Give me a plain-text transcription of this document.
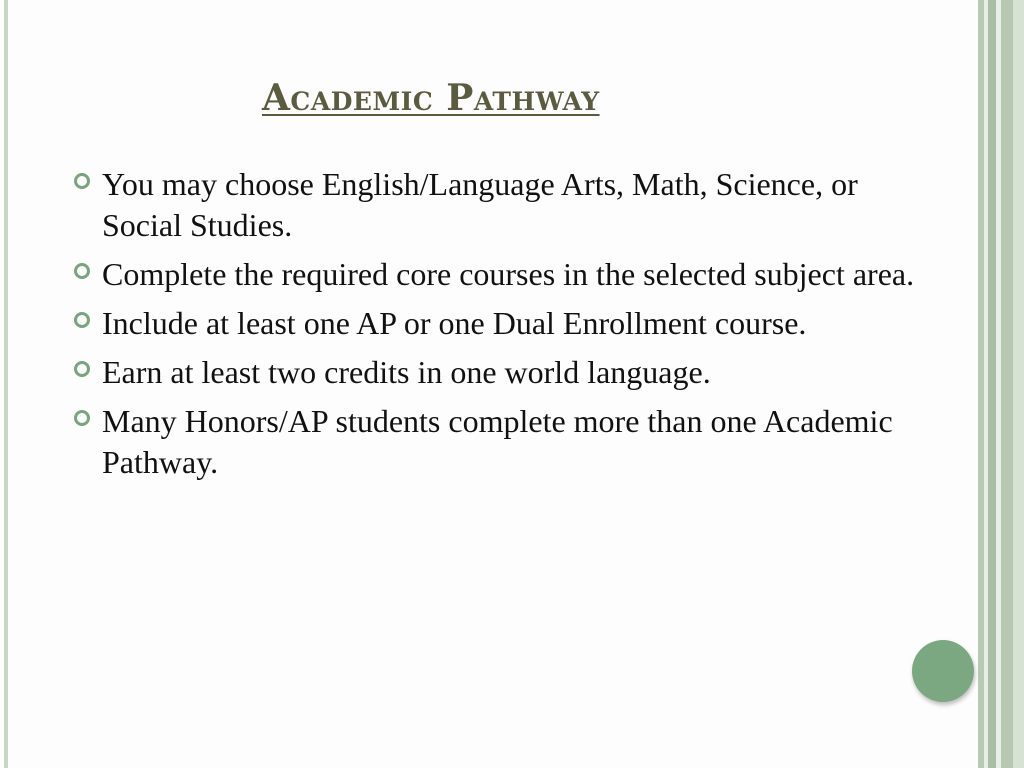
Academic Pathway
You may choose English/Language Arts, Math, Science, or Social Studies.
Complete the required core courses in the selected subject area.
Include at least one AP or one Dual Enrollment course.
Earn at least two credits in one world language.
Many Honors/AP students complete more than one Academic Pathway.
